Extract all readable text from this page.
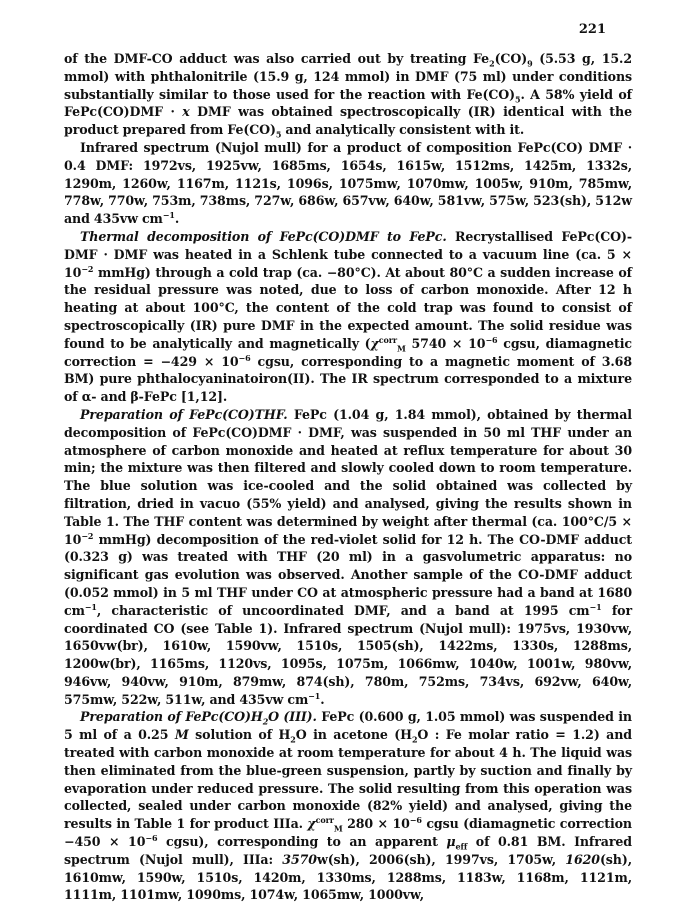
221

of the DMF-CO adduct was also carried out by treating $Fe_2(CO)_9$ (5.53 g, 15.2 mmol) with phthalonitrile (15.9 g, 124 mmol) in DMF (75 ml) under conditions substantially similar to those used for the reaction with $Fe(CO)_5$. A 58% yield of FePc(CO)DMF · x DMF was obtained spectroscopically (IR) identical with the product prepared from $Fe(CO)_5$ and analytically consistent with it.

Infrared spectrum (Nujol mull) for a product of composition FePc(CO) DMF · 0.4 DMF: 1972vs, 1925vw, 1685ms, 1654s, 1615w, 1512ms, 1425m, 1332s, 1290m, 1260w, 1167m, 1121s, 1096s, 1075mw, 1070mw, 1005w, 910m, 785mw, 778w, 770w, 753m, 738ms, 727w, 686w, 657vw, 640w, 581vw, 575w, 523(sh), 512w and 435vw $cm^{-1}$.

Thermal decomposition of FePc(CO)DMF to FePc. Recrystallised FePc(CO)-DMF · DMF was heated in a Schlenk tube connected to a vacuum line (ca. $5 \times 10^{-2}$ mmHg) through a cold trap (ca. −80°C). At about 80°C a sudden increase of the residual pressure was noted, due to loss of carbon monoxide. After 12 h heating at about 100°C, the content of the cold trap was found to consist of spectroscopically (IR) pure DMF in the expected amount. The solid residue was found to be analytically and magnetically ($\chi^{corr}_M$ $5740 \times 10^{-6}$ cgsu, diamagnetic correction = $-429 \times 10^{-6}$ cgsu, corresponding to a magnetic moment of 3.68 BM) pure phthalocyaninatoiron(II). The IR spectrum corresponded to a mixture of α- and β-FePc [1,12].

Preparation of FePc(CO)THF. FePc (1.04 g, 1.84 mmol), obtained by thermal decomposition of FePc(CO)DMF · DMF, was suspended in 50 ml THF under an atmosphere of carbon monoxide and heated at reflux temperature for about 30 min; the mixture was then filtered and slowly cooled down to room temperature. The blue solution was ice-cooled and the solid obtained was collected by filtration, dried in vacuo (55% yield) and analysed, giving the results shown in Table 1. The THF content was determined by weight after thermal (ca. $100^\circ C/5 \times 10^{-2}$ mmHg) decomposition of the red-violet solid for 12 h. The CO-DMF adduct (0.323 g) was treated with THF (20 ml) in a gasvolumetric apparatus: no significant gas evolution was observed. Another sample of the CO-DMF adduct (0.052 mmol) in 5 ml THF under CO at atmospheric pressure had a band at 1680 $cm^{-1}$, characteristic of uncoordinated DMF, and a band at 1995 $cm^{-1}$ for coordinated CO (see Table 1). Infrared spectrum (Nujol mull): 1975vs, 1930vw, 1650vw(br), 1610w, 1590vw, 1510s, 1505(sh), 1422ms, 1330s, 1288ms, 1200w(br), 1165ms, 1120vs, 1095s, 1075m, 1066mw, 1040w, 1001w, 980vw, 946vw, 940vw, 910m, 879mw, 874(sh), 780m, 752ms, 734vs, 692vw, 640w, 575mw, 522w, 511w, and 435vw $cm^{-1}$.

Preparation of $FePc(CO)H_2O$ (III). FePc (0.600 g, 1.05 mmol) was suspended in 5 ml of a 0.25 M solution of $H_2O$ in acetone ($H_2O$ : Fe molar ratio = 1.2) and treated with carbon monoxide at room temperature for about 4 h. The liquid was then eliminated from the blue-green suspension, partly by suction and finally by evaporation under reduced pressure. The solid resulting from this operation was collected, sealed under carbon monoxide (82% yield) and analysed, giving the results in Table 1 for product IIIa. $\chi^{corr}_M$ $280 \times 10^{-6}$ cgsu (diamagnetic correction $-450 \times 10^{-6}$ cgsu), corresponding to an apparent $\mu_{eff}$ of 0.81 BM. Infrared spectrum (Nujol mull), IIIa: 3570w(sh), 2006(sh), 1997vs, 1705w, 1620(sh), 1610mw, 1590w, 1510s, 1420m, 1330ms, 1288ms, 1183w, 1168m, 1121m, 1111m, 1101mw, 1090ms, 1074w, 1065mw, 1000vw,
